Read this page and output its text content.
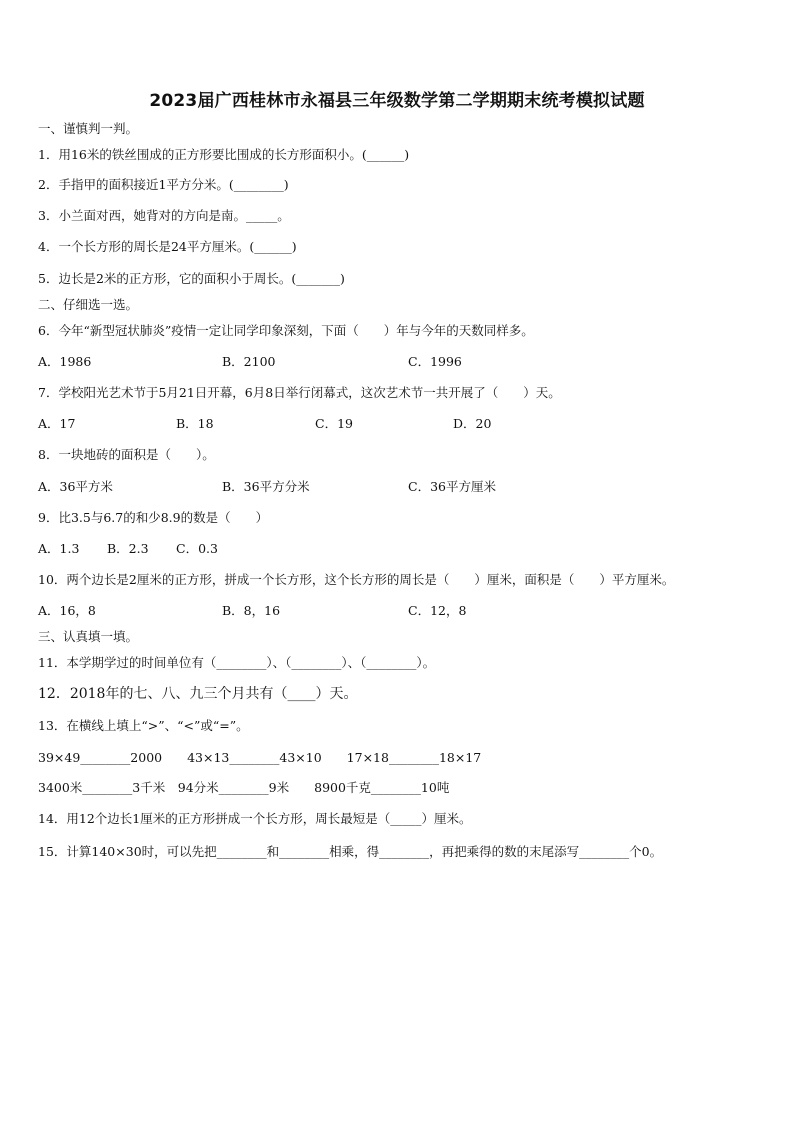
2023届广西桂林市永福县三年级数学第二学期期末统考模拟试题
一、谨慎判一判。
1．用16米的铁丝围成的正方形要比围成的长方形面积小。(______)
2．手指甲的面积接近1平方分米。(________)
3．小兰面对西，她背对的方向是南。_____。
4．一个长方形的周长是24平方厘米。(______)
5．边长是2米的正方形，它的面积小于周长。(_______)
二、仔细选一选。
6．今年“新型冠状肺炎”疫情一定让同学印象深刻，下面（　　）年与今年的天数同样多。
A．1986	B．2100	C．1996
7．学校阳光艺术节于5月21日开幕，6月8日举行闭幕式，这次艺术节一共开展了（　　）天。
A．17	B．18	C．19	D．20
8．一块地砖的面积是（　　）。
A．36平方米	B．36平方分米	C．36平方厘米
9．比3.5与6.7的和少8.9的数是（　　）
A．1.3 B．2.3 C．0.3
10．两个边长是2厘米的正方形，拼成一个长方形，这个长方形的周长是（　　）厘米，面积是（　　）平方厘米。
A．16，8	B．8，16	C．12，8
三、认真填一填。
11．本学期学过的时间单位有（________）、（________）、（________）。
12．2018年的七、八、九三个月共有（____）天。
13．在横线上填上“>”、“<”或“=”。
39×49________2000　　43×13________43×10　　17×18________18×17
3400米________3千米　94分米________9米　　8900千克________10吨
14．用12个边长1厘米的正方形拼成一个长方形，周长最短是（_____）厘米。
15．计算140×30时，可以先把________和________相乘，得________，再把乘得的数的末尾添写________个0。
